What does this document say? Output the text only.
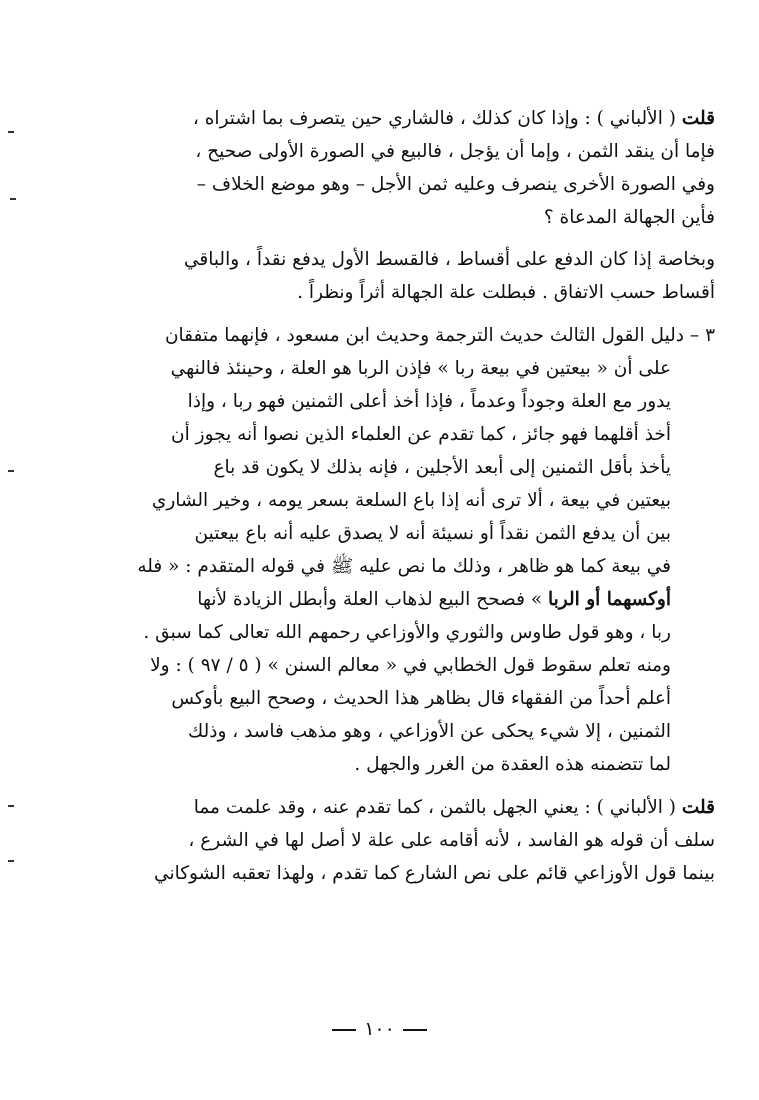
قلت ( الألباني ) : وإذا كان كذلك ، فالشاري حين يتصرف بما اشتراه ،
فإما أن ينقد الثمن ، وإما أن يؤجل ، فالبيع في الصورة الأولى صحيح ،
وفي الصورة الأخرى ينصرف وعليه ثمن الأجل – وهو موضع الخلاف –
فأين الجهالة المدعاة ؟

وبخاصة إذا كان الدفع على أقساط ، فالقسط الأول يدفع نقداً ، والباقي
أقساط حسب الاتفاق . فبطلت علة الجهالة أثراً ونظراً .

٣ – دليل القول الثالث حديث الترجمة وحديث ابن مسعود ، فإنهما متفقان
على أن « بيعتين في بيعة ربا » فإذن الربا هو العلة ، وحينئذ فالنهي
يدور مع العلة وجوداً وعدماً ، فإذا أخذ أعلى الثمنين فهو ربا ، وإذا
أخذ أقلهما فهو جائز ، كما تقدم عن العلماء الذين نصوا أنه يجوز أن
يأخذ بأقل الثمنين إلى أبعد الأجلين ، فإنه بذلك لا يكون قد باع
بيعتين في بيعة ، ألا ترى أنه إذا باع السلعة بسعر يومه ، وخير الشاري
بين أن يدفع الثمن نقداً أو نسيئة أنه لا يصدق عليه أنه باع بيعتين
في بيعة كما هو ظاهر ، وذلك ما نص عليه ﷺ في قوله المتقدم : « فله
أوكسهما أو الربا » فصحح البيع لذهاب العلة وأبطل الزيادة لأنها
ربا ، وهو قول طاوس والثوري والأوزاعي رحمهم الله تعالى كما سبق .
ومنه تعلم سقوط قول الخطابي في « معالم السنن » ( ٥ / ٩٧ ) : ولا
أعلم أحداً من الفقهاء قال بظاهر هذا الحديث ، وصحح البيع بأوكس
الثمنين ، إلا شيء يحكى عن الأوزاعي ، وهو مذهب فاسد ، وذلك
لما تتضمنه هذه العقدة من الغرر والجهل .

قلت ( الألباني ) : يعني الجهل بالثمن ، كما تقدم عنه ، وقد علمت مما
سلف أن قوله هو الفاسد ، لأنه أقامه على علة لا أصل لها في الشرع ،
بينما قول الأوزاعي قائم على نص الشارع كما تقدم ، ولهذا تعقبه الشوكاني

١٠٠
